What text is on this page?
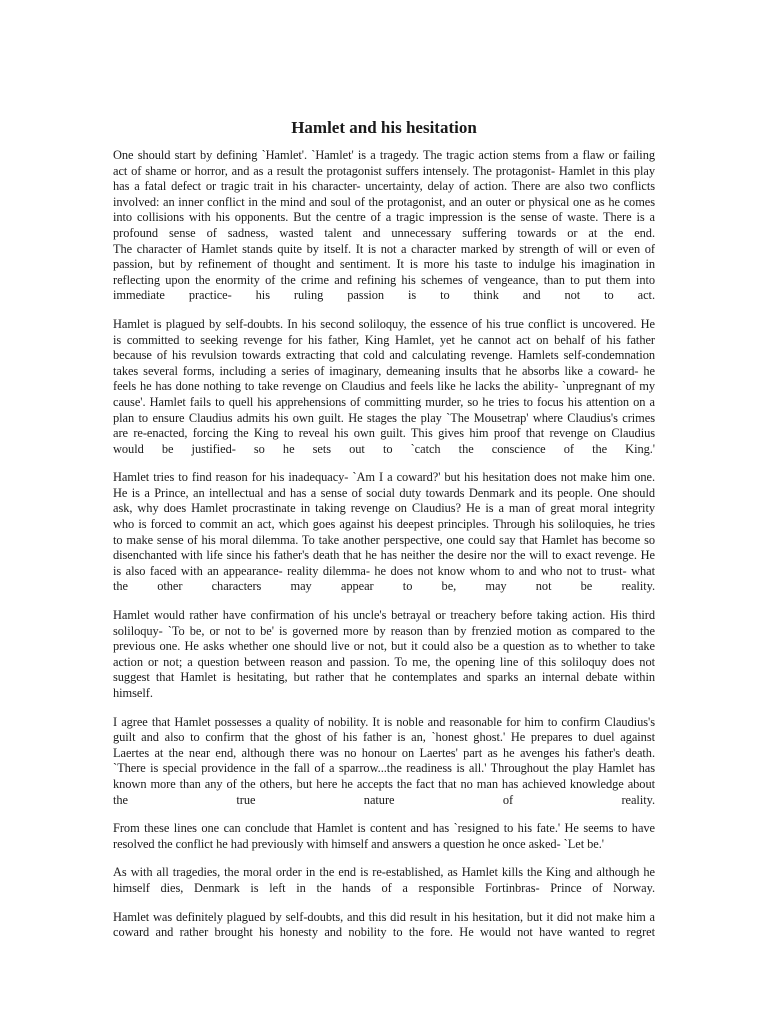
Hamlet and his hesitation

One should start by defining `Hamlet'. `Hamlet' is a tragedy. The tragic action stems from a flaw or failing
act of shame or horror, and as a result the protagonist suffers intensely. The protagonist- Hamlet in this play
has a fatal defect or tragic trait in his character- uncertainty, delay of action. There are also two conflicts
involved: an inner conflict in the mind and soul of the protagonist, and an outer or physical one as he comes
into collisions with his opponents. But the centre of a tragic impression is the sense of waste. There is a
profound sense of sadness, wasted talent and unnecessary suffering towards or at the end.
The character of Hamlet stands quite by itself. It is not a character marked by strength of will or even of
passion, but by refinement of thought and sentiment. It is more his taste to indulge his imagination in
reflecting upon the enormity of the crime and refining his schemes of vengeance, than to put them into
immediate practice- his ruling passion is to think and not to act.

Hamlet is plagued by self-doubts. In his second soliloquy, the essence of his true conflict is uncovered. He
is committed to seeking revenge for his father, King Hamlet, yet he cannot act on behalf of his father
because of his revulsion towards extracting that cold and calculating revenge. Hamlets self-condemnation
takes several forms, including a series of imaginary, demeaning insults that he absorbs like a coward- he
feels he has done nothing to take revenge on Claudius and feels like he lacks the ability- `unpregnant of my
cause'. Hamlet fails to quell his apprehensions of committing murder, so he tries to focus his attention on a
plan to ensure Claudius admits his own guilt. He stages the play `The Mousetrap' where Claudius's crimes
are re-enacted, forcing the King to reveal his own guilt. This gives him proof that revenge on Claudius
would be justified- so he sets out to `catch the conscience of the King.'

Hamlet tries to find reason for his inadequacy- `Am I a coward?' but his hesitation does not make him one.
He is a Prince, an intellectual and has a sense of social duty towards Denmark and its people. One should
ask, why does Hamlet procrastinate in taking revenge on Claudius? He is a man of great moral integrity
who is forced to commit an act, which goes against his deepest principles. Through his soliloquies, he tries
to make sense of his moral dilemma. To take another perspective, one could say that Hamlet has become so
disenchanted with life since his father's death that he has neither the desire nor the will to exact revenge. He
is also faced with an appearance- reality dilemma- he does not know whom to and who not to trust- what
the other characters may appear to be, may not be reality.

Hamlet would rather have confirmation of his uncle's betrayal or treachery before taking action. His third
soliloquy- `To be, or not to be' is governed more by reason than by frenzied motion as compared to the
previous one. He asks whether one should live or not, but it could also be a question as to whether to take
action or not; a question between reason and passion. To me, the opening line of this soliloquy does not
suggest that Hamlet is hesitating, but rather that he contemplates and sparks an internal debate within
himself.

I agree that Hamlet possesses a quality of nobility. It is noble and reasonable for him to confirm Claudius's
guilt and also to confirm that the ghost of his father is an, `honest ghost.' He prepares to duel against
Laertes at the near end, although there was no honour on Laertes' part as he avenges his father's death.
`There is special providence in the fall of a sparrow...the readiness is all.' Throughout the play Hamlet has
known more than any of the others, but here he accepts the fact that no man has achieved knowledge about
the true nature of reality.

From these lines one can conclude that Hamlet is content and has `resigned to his fate.' He seems to have
resolved the conflict he had previously with himself and answers a question he once asked- `Let be.'

As with all tragedies, the moral order in the end is re-established, as Hamlet kills the King and although he
himself dies, Denmark is left in the hands of a responsible Fortinbras- Prince of Norway.

Hamlet was definitely plagued by self-doubts, and this did result in his hesitation, but it did not make him a
coward and rather brought his honesty and nobility to the fore. He would not have wanted to regret
